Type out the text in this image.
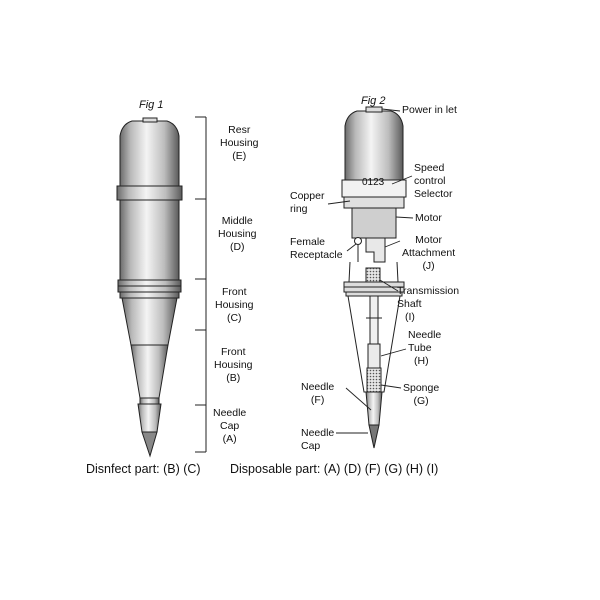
Fig 1
Resr
Housing
(E)
Middle
Housing
(D)
Front
Housing
(C)
Front
Housing
(B)
Needle
Cap
(A)
Fig 2
0123
Power in let
Speed
control
Selector
Copper
ring
Motor
Female
Receptacle
Motor
Attachment
(J)
Transmission
Shaft
(I)
Needle
Tube
(H)
Needle
(F)
Sponge
(G)
Needle
Cap
Disnfect part: (B) (C) Disposable part: (A) (D) (F) (G) (H) (I)
